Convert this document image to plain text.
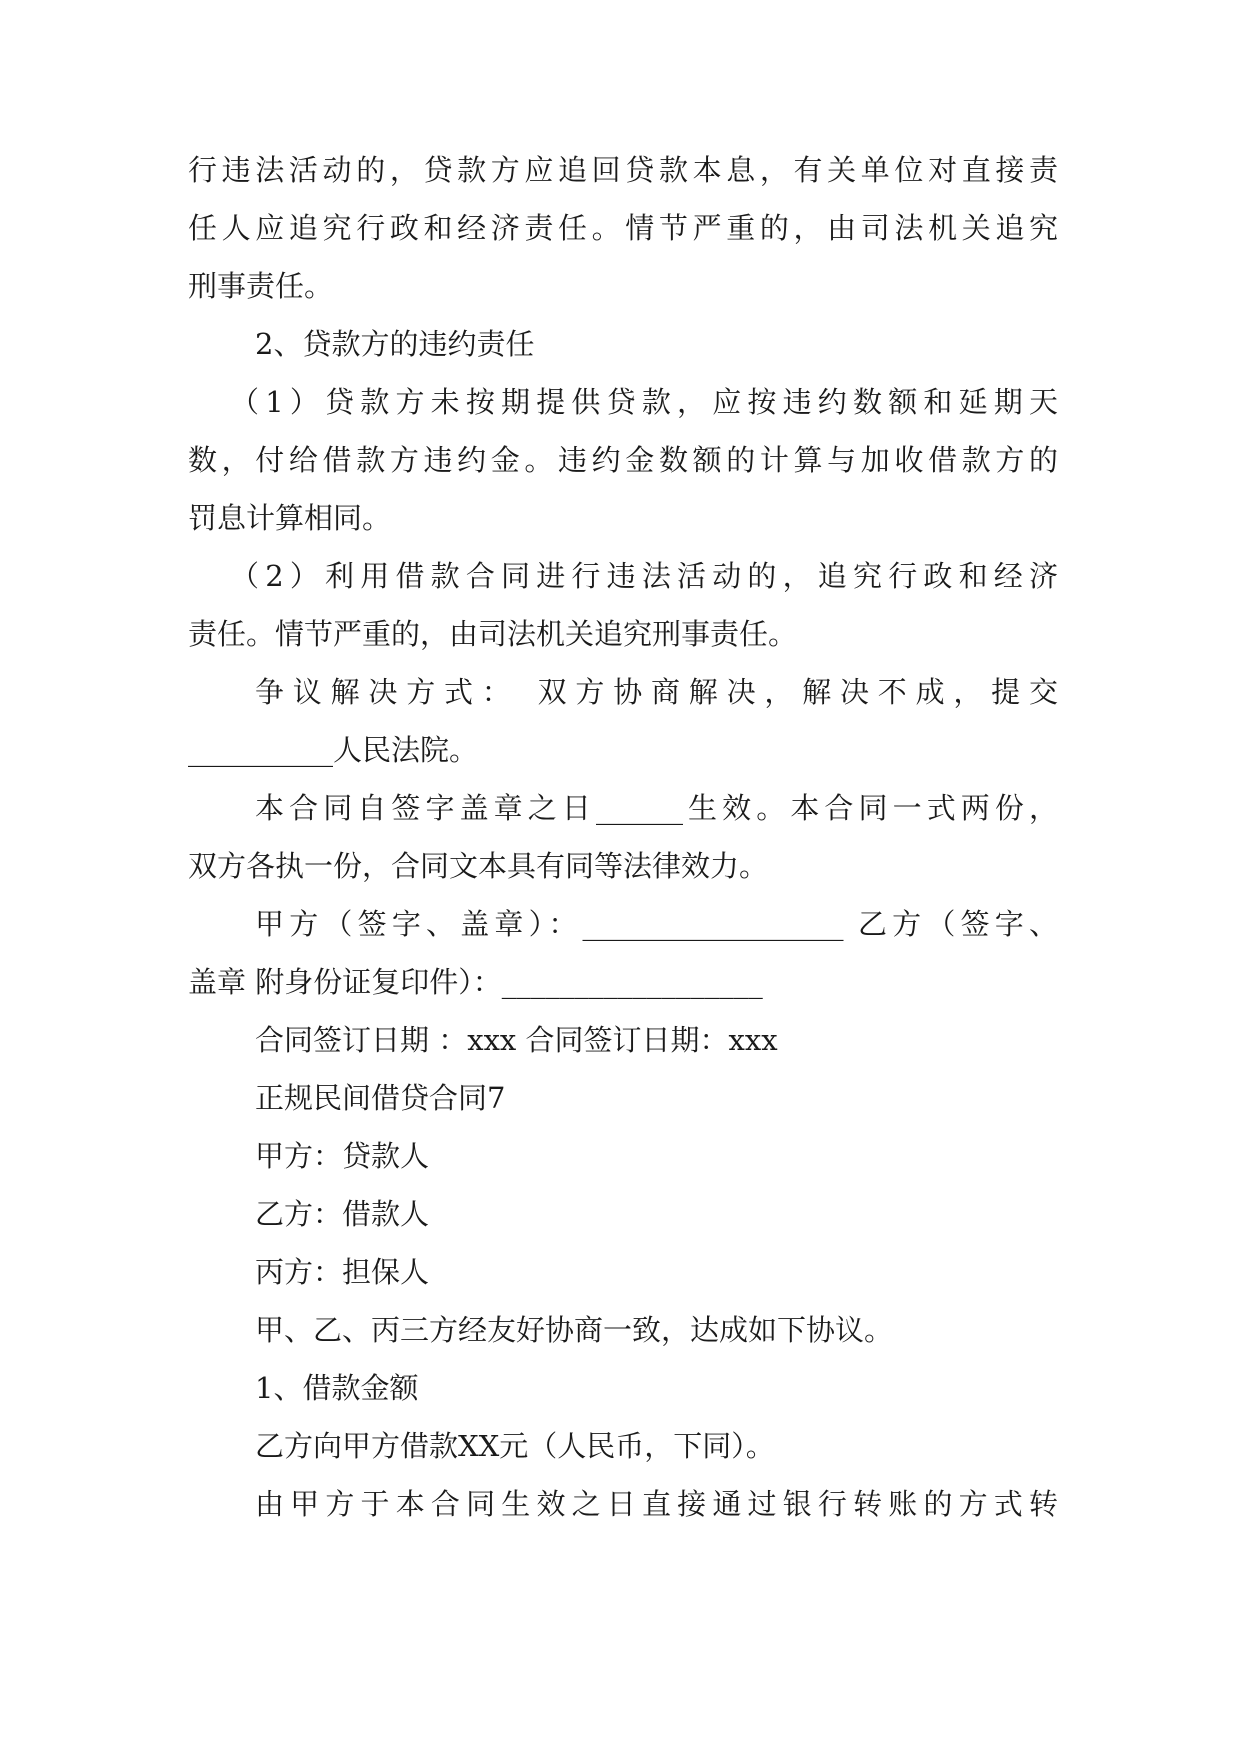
行违法活动的，贷款方应追回贷款本息，有关单位对直接责
任人应追究行政和经济责任。情节严重的，由司法机关追究
刑事责任。
2、贷款方的违约责任
（1）贷款方未按期提供贷款，应按违约数额和延期天
数，付给借款方违约金。违约金数额的计算与加收借款方的
罚息计算相同。
（2）利用借款合同进行违法活动的，追究行政和经济
责任。情节严重的，由司法机关追究刑事责任。
争议解决方式： 双方协商解决，解决不成，提交
__________人民法院。
本合同自签字盖章之日______生效。本合同一式两份，
双方各执一份，合同文本具有同等法律效力。
甲方（签字、盖章）：__________________ 乙方（签字、
盖章 附身份证复印件）：__________________
合同签订日期 ：xxx 合同签订日期：xxx
正规民间借贷合同7
甲方：贷款人
乙方：借款人
丙方：担保人
甲、乙、丙三方经友好协商一致，达成如下协议。
1、借款金额
乙方向甲方借款XX元（人民币，下同）。
由甲方于本合同生效之日直接通过银行转账的方式转
